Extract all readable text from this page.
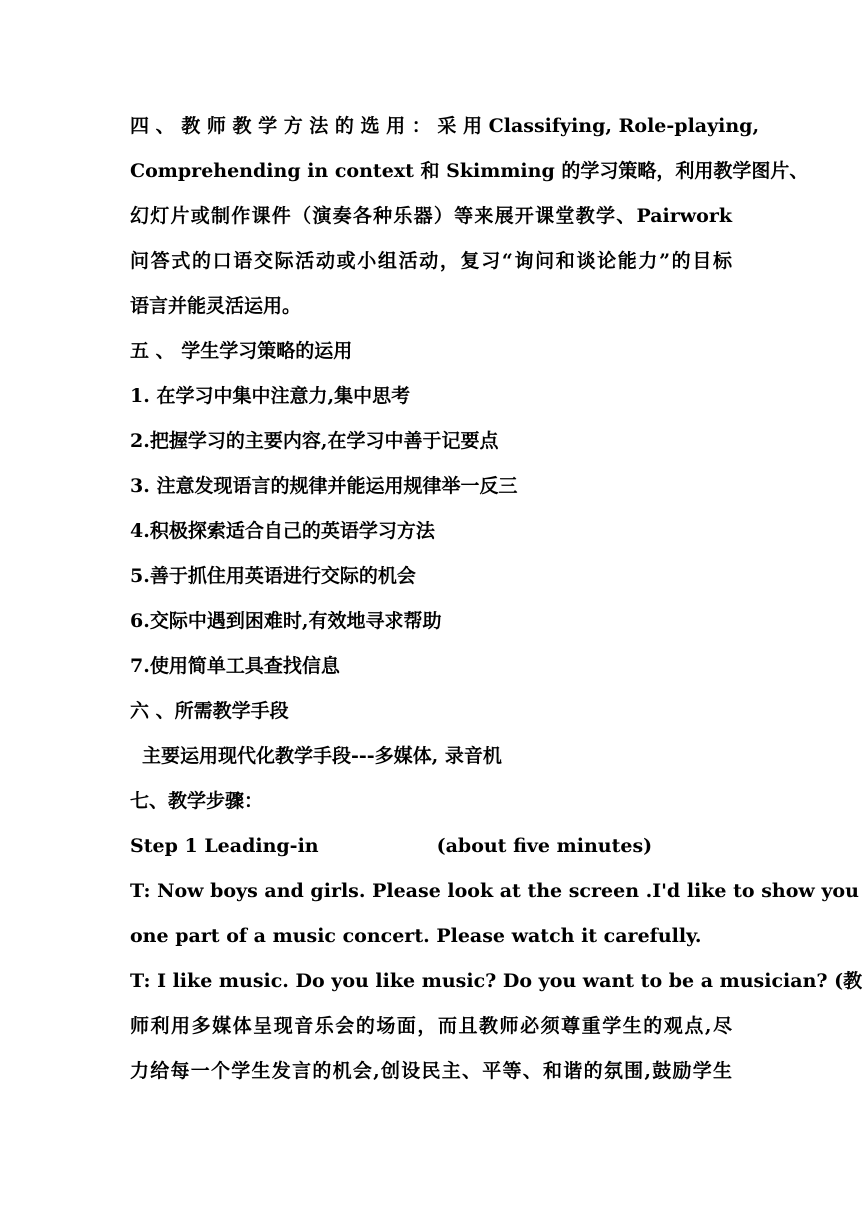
四 、 教 师 教 学 方 法 的 选 用 ： 采 用 Classifying, Role-playing,
Comprehending in context 和 Skimming 的学习策略，利用教学图片、
幻灯片或制作课件（演奏各种乐器）等来展开课堂教学、Pairwork
问答式的口语交际活动或小组活动，复习“询问和谈论能力”的目标
语言并能灵活运用。
五 、 学生学习策略的运用
1. 在学习中集中注意力,集中思考
2.把握学习的主要内容,在学习中善于记要点
3. 注意发现语言的规律并能运用规律举一反三
4.积极探索适合自己的英语学习方法
5.善于抓住用英语进行交际的机会
6.交际中遇到困难时,有效地寻求帮助
7.使用简单工具查找信息
六 、所需教学手段
主要运用现代化教学手段---多媒体, 录音机
七、教学步骤：
Step 1 Leading-in	(about five minutes)
T: Now boys and girls. Please look at the screen .I'd like to show you
one part of a music concert. Please watch it carefully.
T: I like music. Do you like music? Do you want to be a musician? (教
师利用多媒体呈现音乐会的场面，而且教师必须尊重学生的观点,尽
力给每一个学生发言的机会,创设民主、平等、和谐的氛围,鼓励学生
